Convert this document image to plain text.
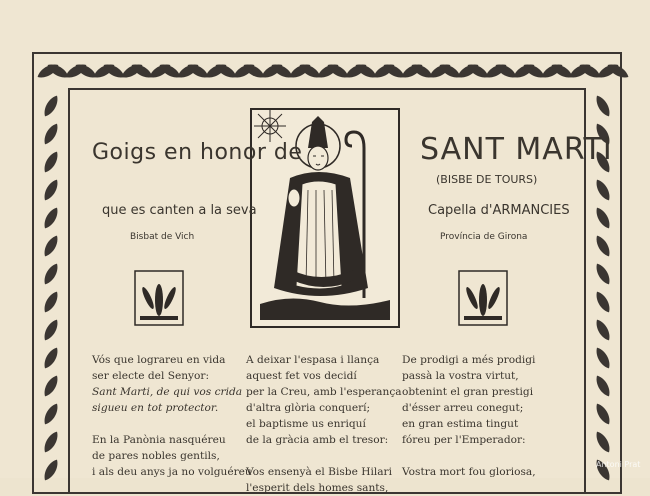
Goigs en honor de	SANT MARTI
(BISBE DE TOURS)
que es canten a la seva	Capella d'ARMANCIES
Bisbat de Vich	Província de Girona

Vós que lograreu en vida

ser electe del Senyor:

Sant Marti, de qui vos crida

sigueu en tot protector.

En la Panònia nasquéreu

de pares nobles gentils,

i als deu anys ja no volguéreu

A deixar l'espasa i llança

aquest fet vos decidí

per la Creu, amb l'esperança

d'altra glòria conquerí;

el baptisme us enriquí

de la gràcia amb el tresor:

Vos ensenyà el Bisbe Hilari

l'esperit dels homes sants,

De prodigi a més prodigi

passà la vostra virtut,

obtenint el gran prestigi

d'ésser arreu conegut;

en gran estima tingut

fóreu per l'Emperador:

Vostra mort fou gloriosa,

Antoni Prat
